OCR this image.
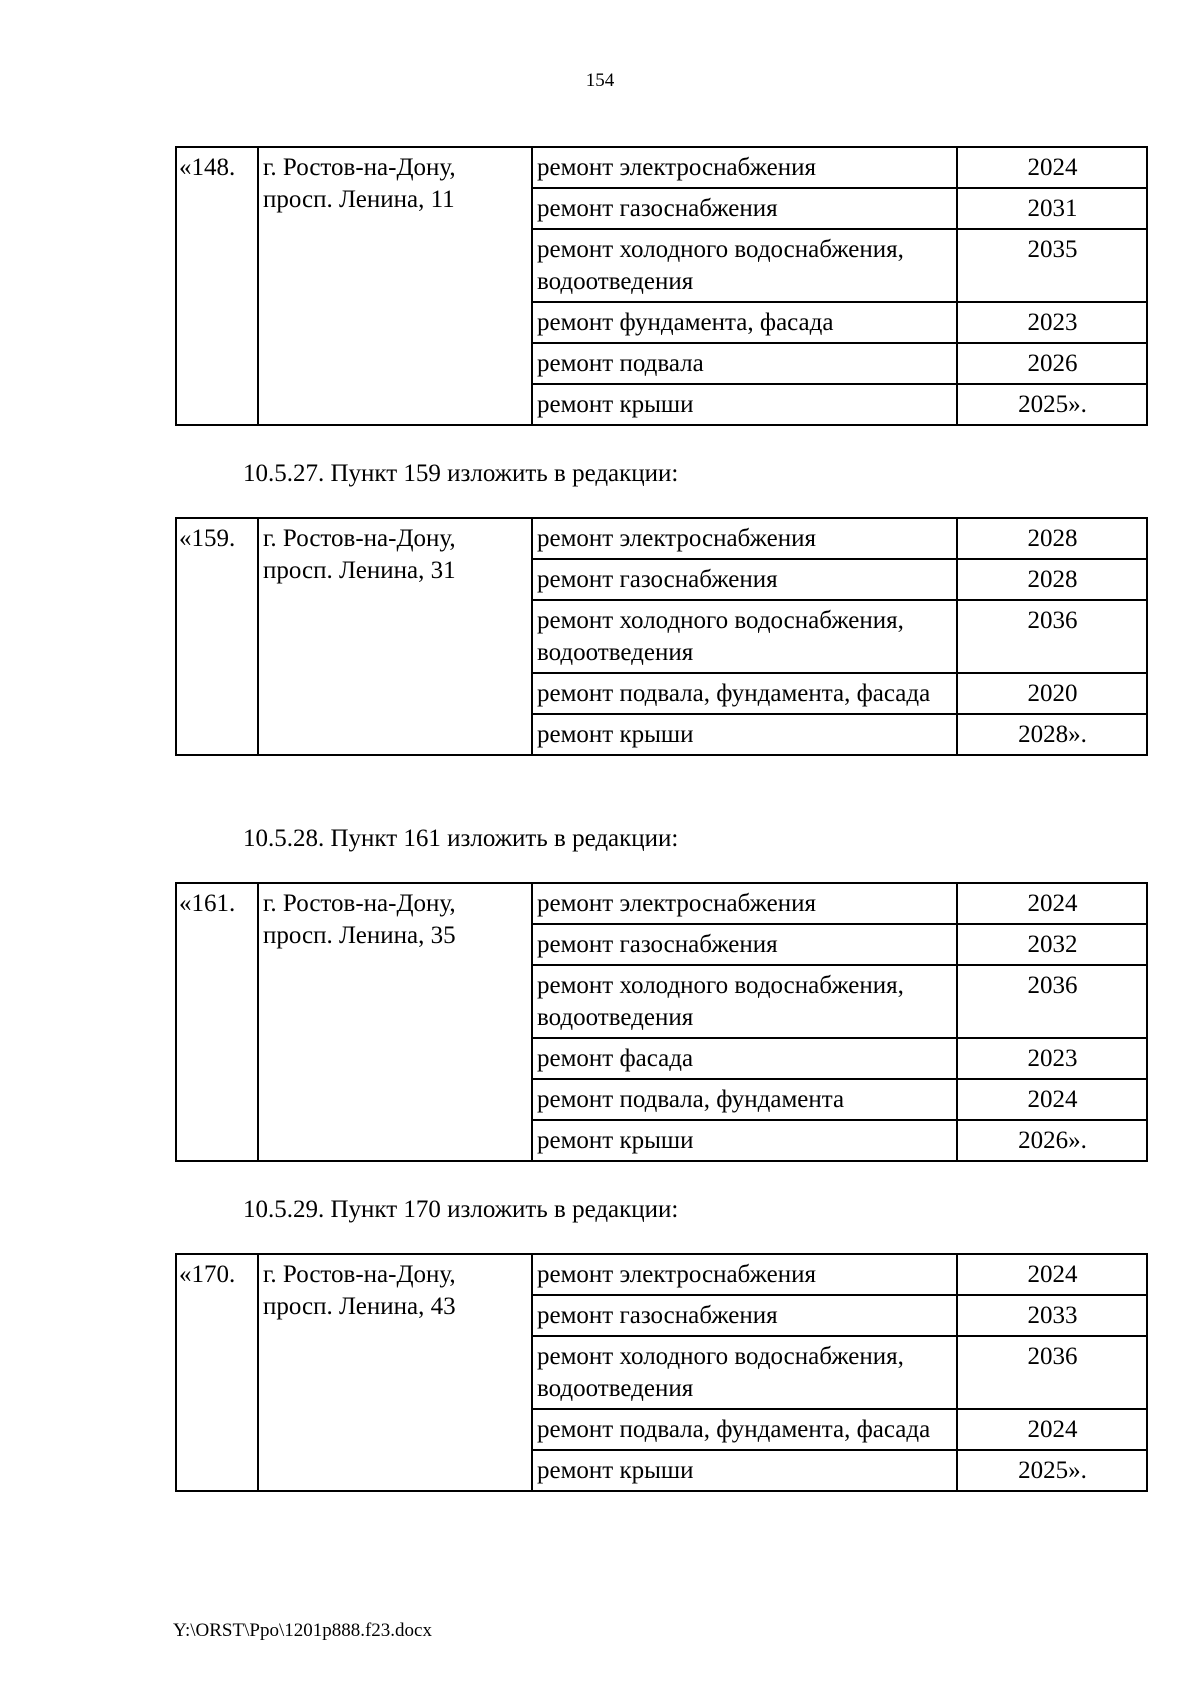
154
«148.	г. Ростов-на-Дону, просп. Ленина, 11	ремонт электроснабжения	2024
		ремонт газоснабжения	2031
		ремонт холодного водоснабжения, водоотведения	2035
		ремонт фундамента, фасада	2023
		ремонт подвала	2026
		ремонт крыши	2025».
10.5.27. Пункт 159 изложить в редакции:
«159.	г. Ростов-на-Дону, просп. Ленина, 31	ремонт электроснабжения	2028
		ремонт газоснабжения	2028
		ремонт холодного водоснабжения, водоотведения	2036
		ремонт подвала, фундамента, фасада	2020
		ремонт крыши	2028».
10.5.28. Пункт 161 изложить в редакции:
«161.	г. Ростов-на-Дону, просп. Ленина, 35	ремонт электроснабжения	2024
		ремонт газоснабжения	2032
		ремонт холодного водоснабжения, водоотведения	2036
		ремонт фасада	2023
		ремонт подвала, фундамента	2024
		ремонт крыши	2026».
10.5.29. Пункт 170 изложить в редакции:
«170.	г. Ростов-на-Дону, просп. Ленина, 43	ремонт электроснабжения	2024
		ремонт газоснабжения	2033
		ремонт холодного водоснабжения, водоотведения	2036
		ремонт подвала, фундамента, фасада	2024
		ремонт крыши	2025».
Y:\ORST\Ppo\1201p888.f23.docx
